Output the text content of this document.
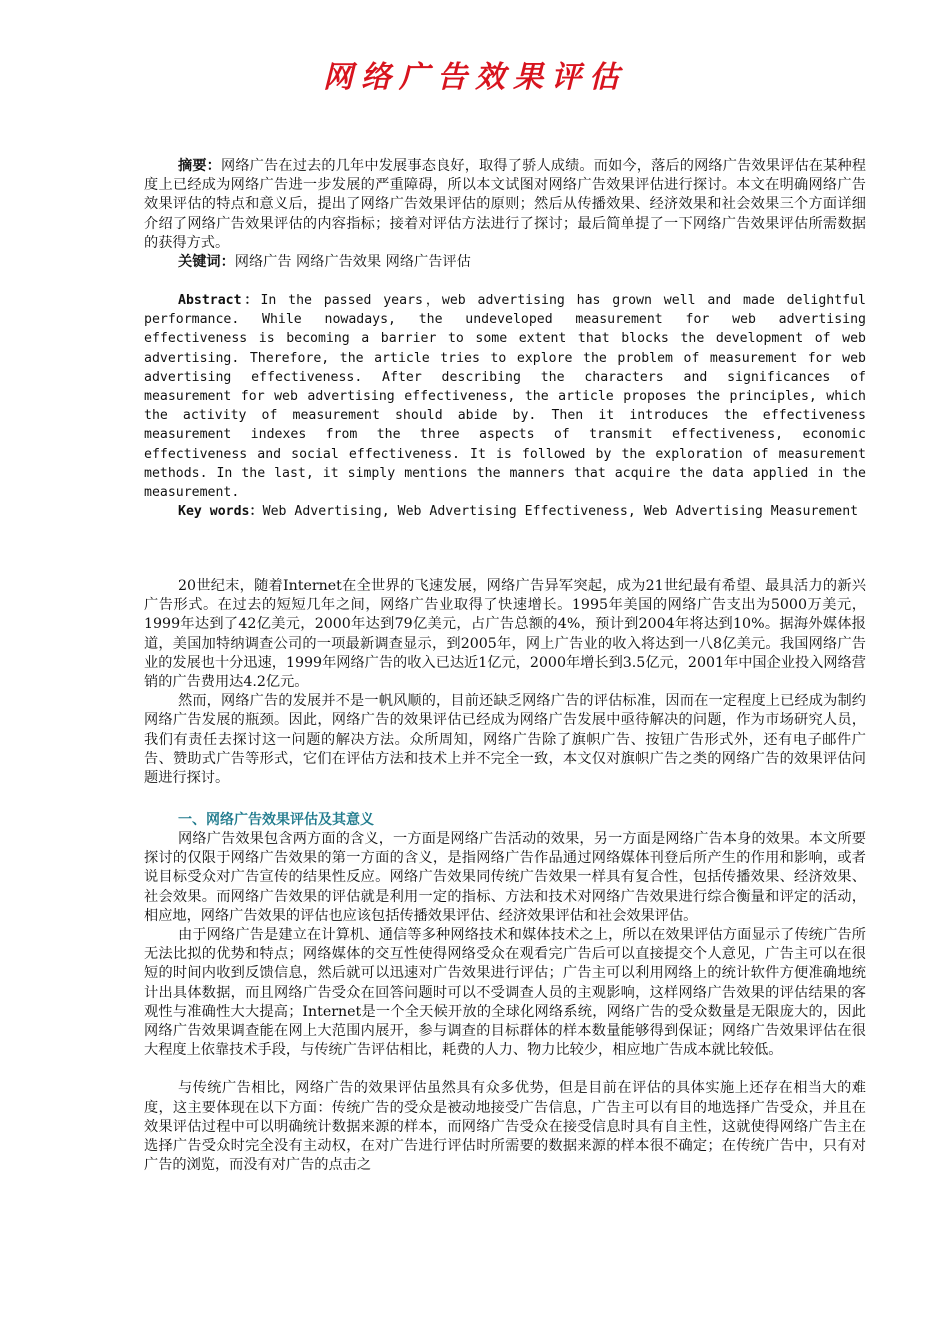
网络广告效果评估

摘要：网络广告在过去的几年中发展事态良好，取得了骄人成绩。而如今，落后的网络广告效果评估在某种程度上已经成为网络广告进一步发展的严重障碍，所以本文试图对网络广告效果评估进行探讨。本文在明确网络广告效果评估的特点和意义后，提出了网络广告效果评估的原则；然后从传播效果、经济效果和社会效果三个方面详细介绍了网络广告效果评估的内容指标；接着对评估方法进行了探讨；最后简单提了一下网络广告效果评估所需数据的获得方式。

关键词：网络广告 网络广告效果 网络广告评估

Abstract：In the passed years，web advertising has grown well and made delightful performance. While nowadays, the undeveloped measurement for web advertising effectiveness is becoming a barrier to some extent that blocks the development of web advertising. Therefore, the article tries to explore the problem of measurement for web advertising effectiveness. After describing the characters and significances of measurement for web advertising effectiveness, the article proposes the principles, which the activity of measurement should abide by. Then it introduces the effectiveness measurement indexes from the three aspects of transmit effectiveness, economic effectiveness and social effectiveness. It is followed by the exploration of measurement methods. In the last, it simply mentions the manners that acquire the data applied in the measurement.

Key words：Web Advertising, Web Advertising Effectiveness, Web Advertising Measurement

20世纪末，随着Internet在全世界的飞速发展，网络广告异军突起，成为21世纪最有希望、最具活力的新兴广告形式。在过去的短短几年之间，网络广告业取得了快速增长。1995年美国的网络广告支出为5000万美元，1999年达到了42亿美元，2000年达到79亿美元，占广告总额的4%，预计到2004年将达到10%。据海外媒体报道，美国加特纳调查公司的一项最新调查显示，到2005年，网上广告业的收入将达到一八8亿美元。我国网络广告业的发展也十分迅速，1999年网络广告的收入已达近1亿元，2000年增长到3.5亿元，2001年中国企业投入网络营销的广告费用达4.2亿元。

然而，网络广告的发展并不是一帆风顺的，目前还缺乏网络广告的评估标准，因而在一定程度上已经成为制约网络广告发展的瓶颈。因此，网络广告的效果评估已经成为网络广告发展中亟待解决的问题，作为市场研究人员，我们有责任去探讨这一问题的解决方法。众所周知，网络广告除了旗帜广告、按钮广告形式外，还有电子邮件广告、赞助式广告等形式，它们在评估方法和技术上并不完全一致，本文仅对旗帜广告之类的网络广告的效果评估问题进行探讨。

一、网络广告效果评估及其意义

网络广告效果包含两方面的含义，一方面是网络广告活动的效果，另一方面是网络广告本身的效果。本文所要探讨的仅限于网络广告效果的第一方面的含义，是指网络广告作品通过网络媒体刊登后所产生的作用和影响，或者说目标受众对广告宣传的结果性反应。网络广告效果同传统广告效果一样具有复合性，包括传播效果、经济效果、社会效果。而网络广告效果的评估就是利用一定的指标、方法和技术对网络广告效果进行综合衡量和评定的活动，相应地，网络广告效果的评估也应该包括传播效果评估、经济效果评估和社会效果评估。

由于网络广告是建立在计算机、通信等多种网络技术和媒体技术之上，所以在效果评估方面显示了传统广告所无法比拟的优势和特点；网络媒体的交互性使得网络受众在观看完广告后可以直接提交个人意见，广告主可以在很短的时间内收到反馈信息，然后就可以迅速对广告效果进行评估；广告主可以利用网络上的统计软件方便准确地统计出具体数据，而且网络广告受众在回答问题时可以不受调查人员的主观影响，这样网络广告效果的评估结果的客观性与准确性大大提高；Internet是一个全天候开放的全球化网络系统，网络广告的受众数量是无限庞大的，因此网络广告效果调查能在网上大范围内展开，参与调查的目标群体的样本数量能够得到保证；网络广告效果评估在很大程度上依靠技术手段，与传统广告评估相比，耗费的人力、物力比较少，相应地广告成本就比较低。

与传统广告相比，网络广告的效果评估虽然具有众多优势，但是目前在评估的具体实施上还存在相当大的难度，这主要体现在以下方面：传统广告的受众是被动地接受广告信息，广告主可以有目的地选择广告受众，并且在效果评估过程中可以明确统计数据来源的样本，而网络广告受众在接受信息时具有自主性，这就使得网络广告主在选择广告受众时完全没有主动权，在对广告进行评估时所需要的数据来源的样本很不确定；在传统广告中，只有对广告的浏览，而没有对广告的点击之
